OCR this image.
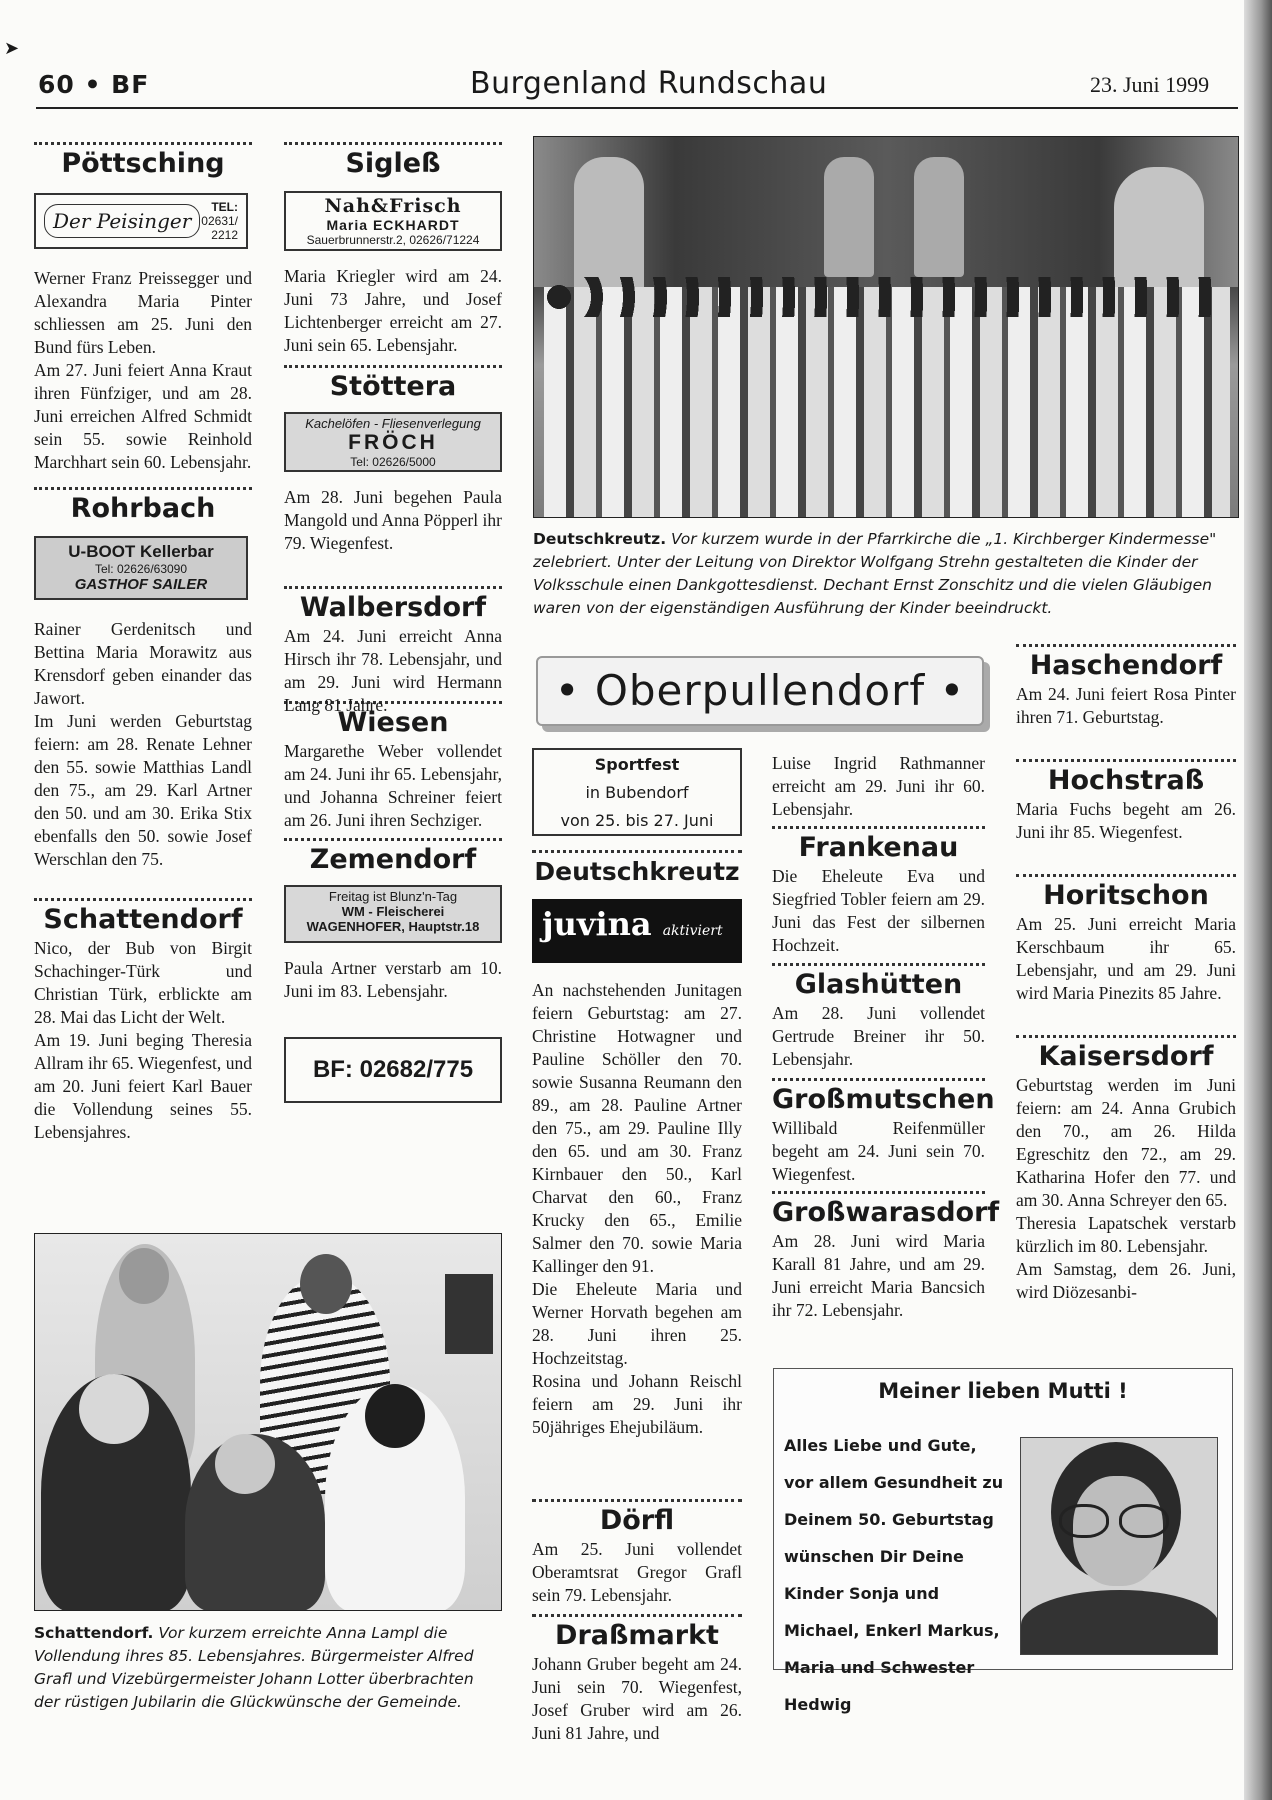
➤
60 • BF	Burgenland Rundschau	23. Juni 1999
Pöttsching
Der Peisinger
TEL:
02631/
2212
Werner Franz Preissegger und Alexandra Maria Pinter schliessen am 25. Juni den Bund fürs Leben.
Am 27. Juni feiert Anna Kraut ihren Fünfziger, und am 28. Juni erreichen Alfred Schmidt sein 55. sowie Reinhold Marchhart sein 60. Lebensjahr.
Rohrbach
U-BOOT Kellerbar
Tel: 02626/63090
GASTHOF SAILER
Rainer Gerdenitsch und Bettina Maria Morawitz aus Krensdorf geben einander das Jawort.
Im Juni werden Geburtstag feiern: am 28. Renate Lehner den 55. sowie Matthias Landl den 75., am 29. Karl Artner den 50. und am 30. Erika Stix ebenfalls den 50. sowie Josef Werschlan den 75.
Schattendorf
Nico, der Bub von Birgit Schachinger-Türk und Christian Türk, erblickte am 28. Mai das Licht der Welt.
Am 19. Juni beging Theresia Allram ihr 65. Wiegenfest, und am 20. Juni feiert Karl Bauer die Vollendung seines 55. Lebensjahres.
Sigleß
Nah&Frisch
Maria ECKHARDT
Sauerbrunnerstr.2, 02626/71224
Maria Kriegler wird am 24. Juni 73 Jahre, und Josef Lichtenberger erreicht am 27. Juni sein 65. Lebensjahr.
Stöttera
Kachelöfen - Fliesenverlegung
FRÖCH
Tel: 02626/5000
Am 28. Juni begehen Paula Mangold und Anna Pöpperl ihr 79. Wiegenfest.
Walbersdorf
Am 24. Juni erreicht Anna Hirsch ihr 78. Lebensjahr, und am 29. Juni wird Hermann Lang 81 Jahre.
Wiesen
Margarethe Weber vollendet am 24. Juni ihr 65. Lebensjahr, und Johanna Schreiner feiert am 26. Juni ihren Sechziger.
Zemendorf
Freitag ist Blunz'n-Tag
WM - Fleischerei
WAGENHOFER, Hauptstr.18
Paula Artner verstarb am 10. Juni im 83. Lebensjahr.
BF: 02682/775
Deutschkreutz. Vor kurzem wurde in der Pfarrkirche die „1. Kirchberger Kindermesse" zelebriert. Unter der Leitung von Direktor Wolfgang Strehn gestalteten die Kinder der Volksschule einen Dankgottesdienst. Dechant Ernst Zonschitz und die vielen Gläubigen waren von der eigenständigen Ausführung der Kinder beeindruckt.
• Oberpullendorf •
Sportfest
in Bubendorf
von 25. bis 27. Juni
Deutschkreutz
juvina aktiviert
An nachstehenden Junitagen feiern Geburtstag: am 27. Christine Hotwagner und Pauline Schöller den 70. sowie Susanna Reumann den 89., am 28. Pauline Artner den 75., am 29. Pauline Illy den 65. und am 30. Franz Kirnbauer den 50., Karl Charvat den 60., Franz Krucky den 65., Emilie Salmer den 70. sowie Maria Kallinger den 91.
Die Eheleute Maria und Werner Horvath begehen am 28. Juni ihren 25. Hochzeitstag.
Rosina und Johann Reischl feiern am 29. Juni ihr 50jähriges Ehejubiläum.
Dörfl
Am 25. Juni vollendet Oberamtsrat Gregor Grafl sein 79. Lebensjahr.
Draßmarkt
Johann Gruber begeht am 24. Juni sein 70. Wiegenfest, Josef Gruber wird am 26. Juni 81 Jahre, und
Luise Ingrid Rathmanner erreicht am 29. Juni ihr 60. Lebensjahr.
Frankenau
Die Eheleute Eva und Siegfried Tobler feiern am 29. Juni das Fest der silbernen Hochzeit.
Glashütten
Am 28. Juni vollendet Gertrude Breiner ihr 50. Lebensjahr.
Großmutschen
Willibald Reifenmüller begeht am 24. Juni sein 70. Wiegenfest.
Großwarasdorf
Am 28. Juni wird Maria Karall 81 Jahre, und am 29. Juni erreicht Maria Bancsich ihr 72. Lebensjahr.
Haschendorf
Am 24. Juni feiert Rosa Pinter ihren 71. Geburtstag.
Hochstraß
Maria Fuchs begeht am 26. Juni ihr 85. Wiegenfest.
Horitschon
Am 25. Juni erreicht Maria Kerschbaum ihr 65. Lebensjahr, und am 29. Juni wird Maria Pinezits 85 Jahre.
Kaisersdorf
Geburtstag werden im Juni feiern: am 24. Anna Grubich den 70., am 26. Hilda Egreschitz den 72., am 29. Katharina Hofer den 77. und am 30. Anna Schreyer den 65.
Theresia Lapatschek verstarb kürzlich im 80. Lebensjahr.
Am Samstag, dem 26. Juni, wird Diözesanbi-
Meiner lieben Mutti !
Alles Liebe und Gute,
vor allem Gesundheit zu
Deinem 50. Geburtstag
wünschen Dir Deine
Kinder Sonja und
Michael, Enkerl Markus,
Maria und Schwester
Hedwig
Schattendorf. Vor kurzem erreichte Anna Lampl die Vollendung ihres 85. Lebensjahres. Bürgermeister Alfred Grafl und Vizebürgermeister Johann Lotter überbrachten der rüstigen Jubilarin die Glückwünsche der Gemeinde.
